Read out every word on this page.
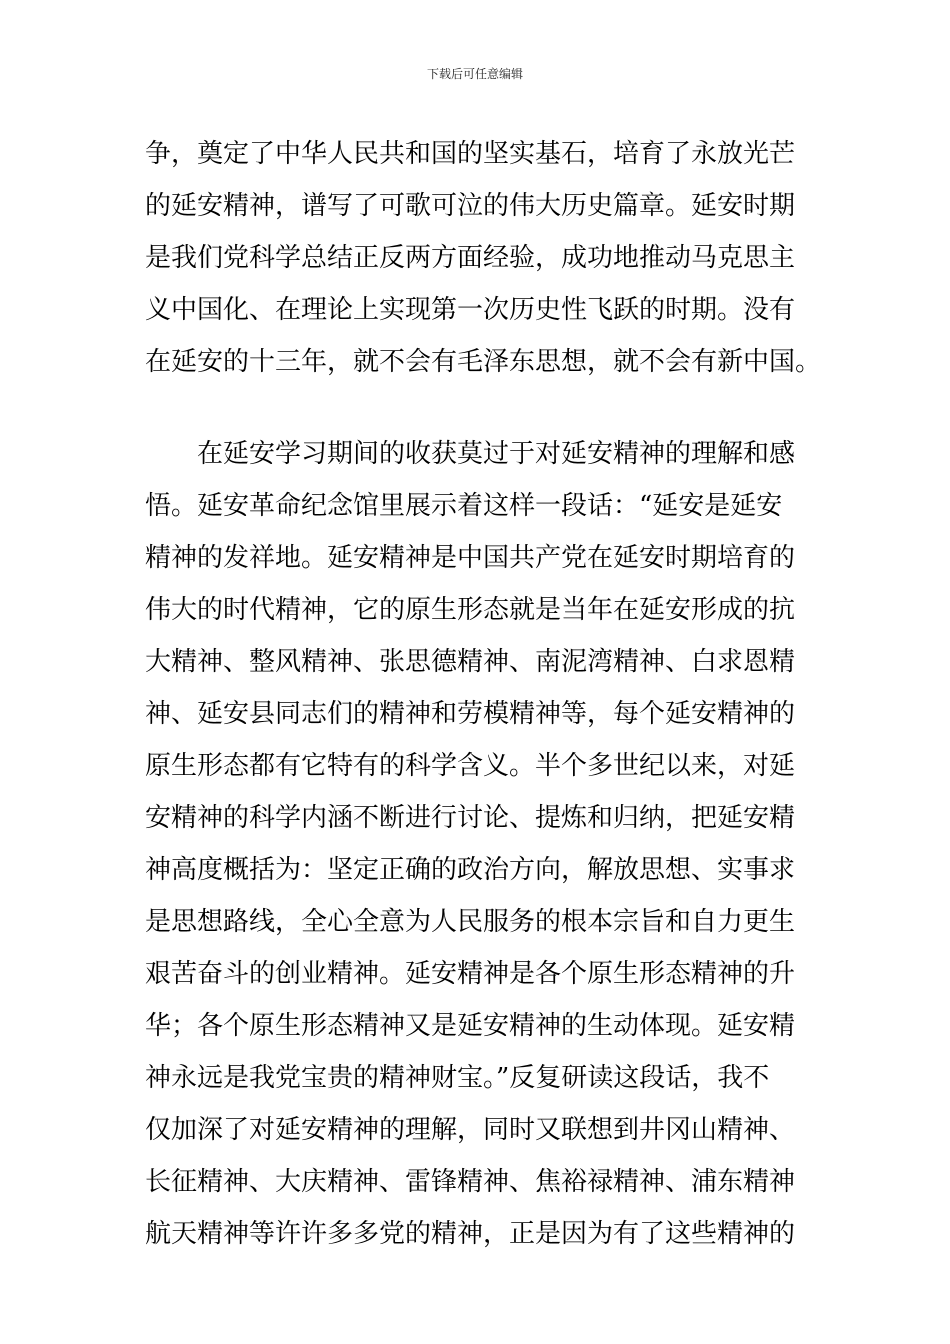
下载后可任意编辑
争，奠定了中华人民共和国的坚实基石，培育了永放光芒
的延安精神，谱写了可歌可泣的伟大历史篇章。延安时期
是我们党科学总结正反两方面经验，成功地推动马克思主
义中国化、在理论上实现第一次历史性飞跃的时期。没有
在延安的十三年，就不会有毛泽东思想，就不会有新中国。
在延安学习期间的收获莫过于对延安精神的理解和感
悟。延安革命纪念馆里展示着这样一段话：“延安是延安
精神的发祥地。延安精神是中国共产党在延安时期培育的
伟大的时代精神，它的原生形态就是当年在延安形成的抗
大精神、整风精神、张思德精神、南泥湾精神、白求恩精
神、延安县同志们的精神和劳模精神等，每个延安精神的
原生形态都有它特有的科学含义。半个多世纪以来，对延
安精神的科学内涵不断进行讨论、提炼和归纳，把延安精
神高度概括为：坚定正确的政治方向，解放思想、实事求
是思想路线，全心全意为人民服务的根本宗旨和自力更生
艰苦奋斗的创业精神。延安精神是各个原生形态精神的升
华；各个原生形态精神又是延安精神的生动体现。延安精
神永远是我党宝贵的精神财宝。”反复研读这段话，我不
仅加深了对延安精神的理解，同时又联想到井冈山精神、
长征精神、大庆精神、雷锋精神、焦裕禄精神、浦东精神
航天精神等许许多多党的精神，正是因为有了这些精神的
